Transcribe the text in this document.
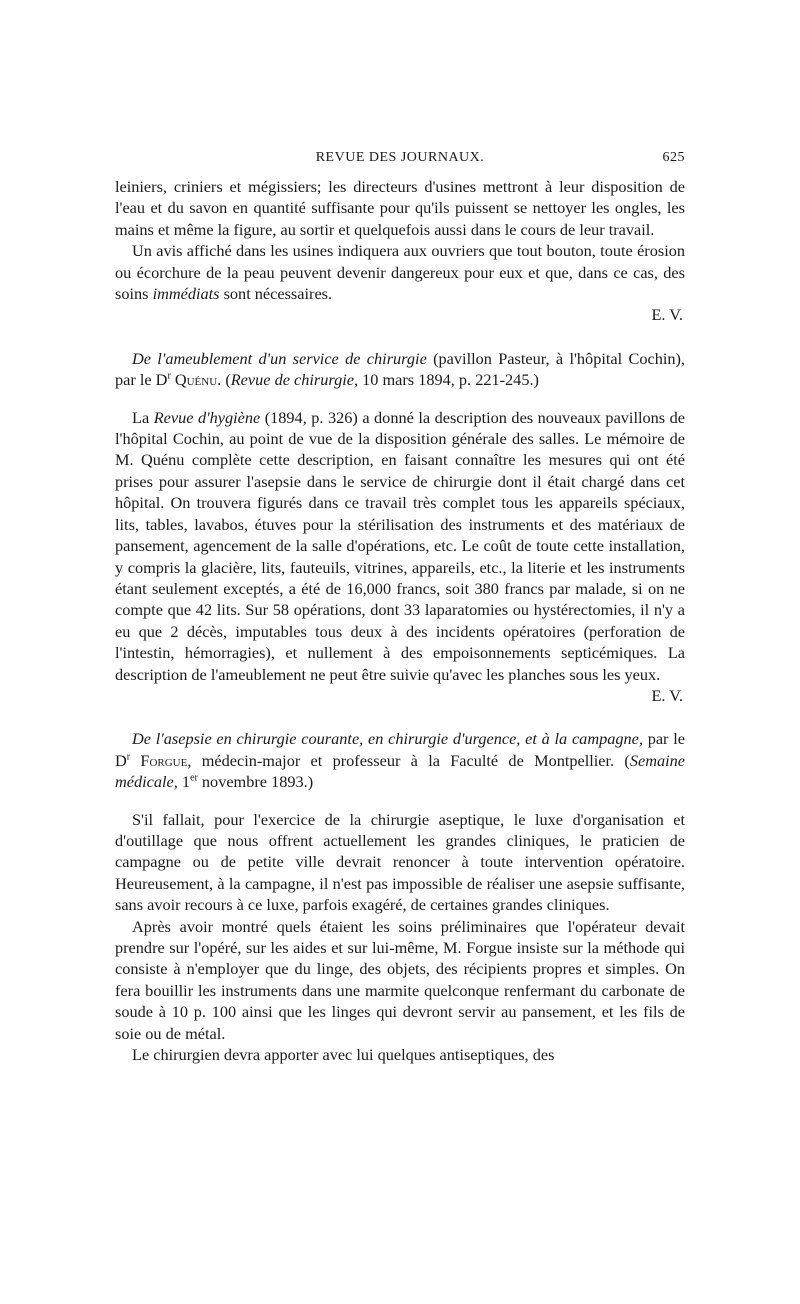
REVUE DES JOURNAUX.	625

leiniers, criniers et mégissiers; les directeurs d'usines mettront à leur disposition de l'eau et du savon en quantité suffisante pour qu'ils puissent se nettoyer les ongles, les mains et même la figure, au sortir et quelquefois aussi dans le cours de leur travail.

Un avis affiché dans les usines indiquera aux ouvriers que tout bouton, toute érosion ou écorchure de la peau peuvent devenir dangereux pour eux et que, dans ce cas, des soins immédiats sont nécessaires.

E. V.

De l'ameublement d'un service de chirurgie (pavillon Pasteur, à l'hôpital Cochin), par le $D^r$ Quénu. (Revue de chirurgie, 10 mars 1894, p. 221-245.)

La Revue d'hygiène (1894, p. 326) a donné la description des nouveaux pavillons de l'hôpital Cochin, au point de vue de la disposition générale des salles. Le mémoire de M. Quénu complète cette description, en faisant connaître les mesures qui ont été prises pour assurer l'asepsie dans le service de chirurgie dont il était chargé dans cet hôpital. On trouvera figurés dans ce travail très complet tous les appareils spéciaux, lits, tables, lavabos, étuves pour la stérilisation des instruments et des matériaux de pansement, agencement de la salle d'opérations, etc. Le coût de toute cette installation, y compris la glacière, lits, fauteuils, vitrines, appareils, etc., la literie et les instruments étant seulement exceptés, a été de 16,000 francs, soit 380 francs par malade, si on ne compte que 42 lits. Sur 58 opérations, dont 33 laparatomies ou hystérectomies, il n'y a eu que 2 décès, imputables tous deux à des incidents opératoires (perforation de l'intestin, hémorragies), et nullement à des empoisonnements septicémiques. La description de l'ameublement ne peut être suivie qu'avec les planches sous les yeux.

E. V.

De l'asepsie en chirurgie courante, en chirurgie d'urgence, et à la campagne, par le $D^r$ Forgue, médecin-major et professeur à la Faculté de Montpellier. (Semaine médicale, 1er novembre 1893.)

S'il fallait, pour l'exercice de la chirurgie aseptique, le luxe d'organisation et d'outillage que nous offrent actuellement les grandes cliniques, le praticien de campagne ou de petite ville devrait renoncer à toute intervention opératoire. Heureusement, à la campagne, il n'est pas impossible de réaliser une asepsie suffisante, sans avoir recours à ce luxe, parfois exagéré, de certaines grandes cliniques.

Après avoir montré quels étaient les soins préliminaires que l'opérateur devait prendre sur l'opéré, sur les aides et sur lui-même, M. Forgue insiste sur la méthode qui consiste à n'employer que du linge, des objets, des récipients propres et simples. On fera bouillir les instruments dans une marmite quelconque renfermant du carbonate de soude à 10 p. 100 ainsi que les linges qui devront servir au pansement, et les fils de soie ou de métal.

Le chirurgien devra apporter avec lui quelques antiseptiques, des
